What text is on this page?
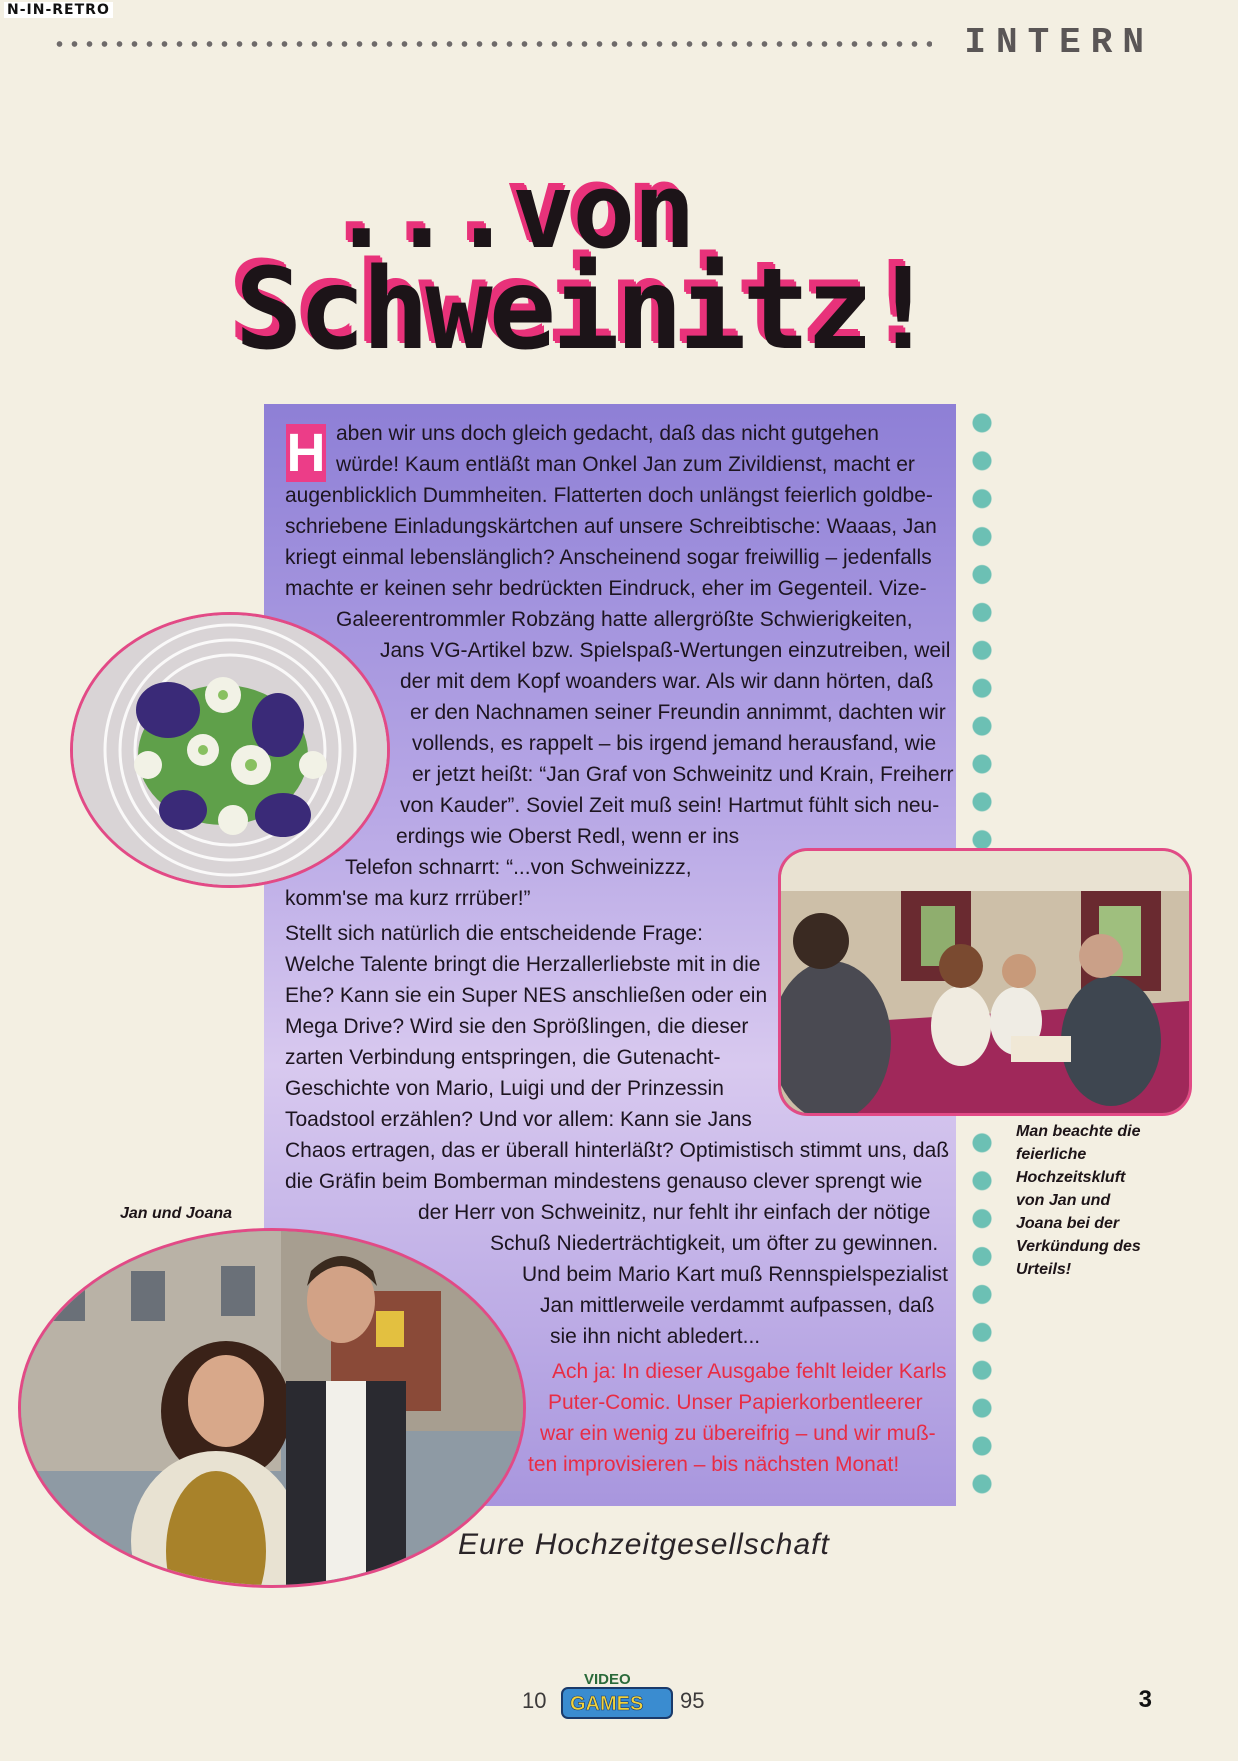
N-IN-RETRO
INTERN
...von
Schweinitz!
H aben wir uns doch gleich gedacht, daß das nicht gutgehen
würde! Kaum entläßt man Onkel Jan zum Zivildienst, macht er
augenblicklich Dummheiten. Flatterten doch unlängst feierlich goldbe-
schriebene Einladungskärtchen auf unsere Schreibtische: Waaas, Jan
kriegt einmal lebenslänglich? Anscheinend sogar freiwillig – jedenfalls
machte er keinen sehr bedrückten Eindruck, eher im Gegenteil. Vize-
Galeerentrommler Robzäng hatte allergrößte Schwierigkeiten,
Jans VG-Artikel bzw. Spielspaß-Wertungen einzutreiben, weil
der mit dem Kopf woanders war. Als wir dann hörten, daß
er den Nachnamen seiner Freundin annimmt, dachten wir
vollends, es rappelt – bis irgend jemand herausfand, wie
er jetzt heißt: “Jan Graf von Schweinitz und Krain, Freiherr
von Kauder”. Soviel Zeit muß sein! Hartmut fühlt sich neu-
erdings wie Oberst Redl, wenn er ins
Telefon schnarrt: “...von Schweinizzz,
komm'se ma kurz rrrüber!”
Stellt sich natürlich die entscheidende Frage:
Welche Talente bringt die Herzallerliebste mit in die
Ehe? Kann sie ein Super NES anschließen oder ein
Mega Drive? Wird sie den Sprößlingen, die dieser
zarten Verbindung entspringen, die Gutenacht-
Geschichte von Mario, Luigi und der Prinzessin
Toadstool erzählen? Und vor allem: Kann sie Jans
Chaos ertragen, das er überall hinterläßt? Optimistisch stimmt uns, daß
die Gräfin beim Bomberman mindestens genauso clever sprengt wie
der Herr von Schweinitz, nur fehlt ihr einfach der nötige
Schuß Niederträchtigkeit, um öfter zu gewinnen.
Und beim Mario Kart muß Rennspielspezialist
Jan mittlerweile verdammt aufpassen, daß
sie ihn nicht abledert...
Ach ja: In dieser Ausgabe fehlt leider Karls
Puter-Comic. Unser Papierkorbentleerer
war ein wenig zu übereifrig – und wir muß-
ten improvisieren – bis nächsten Monat!
Eure Hochzeitgesellschaft
Jan und Joana
Man beachte die
feierliche
Hochzeitskluft
von Jan und
Joana bei der
Verkündung des
Urteils!
10
VIDEO
GAMES 95	3
